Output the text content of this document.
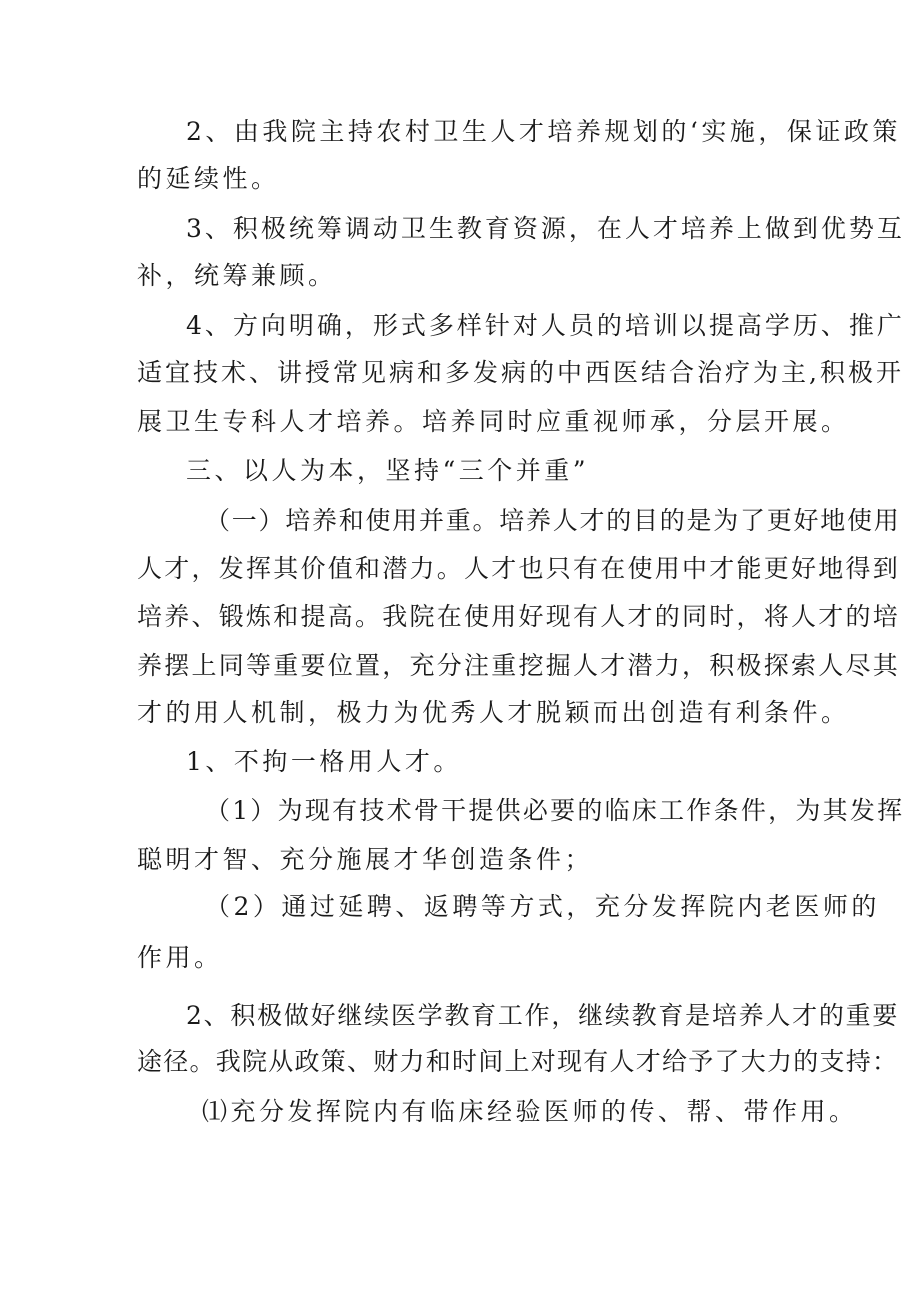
2、由我院主持农村卫生人才培养规划的‘实施，保证政策
的延续性。
3、积极统筹调动卫生教育资源，在人才培养上做到优势互
补，统筹兼顾。
4、方向明确，形式多样针对人员的培训以提高学历、推广
适宜技术、讲授常见病和多发病的中西医结合治疗为主,积极开
展卫生专科人才培养。培养同时应重视师承，分层开展。
三、以人为本，坚持“三个并重”
（一）培养和使用并重。培养人才的目的是为了更好地使用
人才，发挥其价值和潜力。人才也只有在使用中才能更好地得到
培养、锻炼和提高。我院在使用好现有人才的同时，将人才的培
养摆上同等重要位置，充分注重挖掘人才潜力，积极探索人尽其
才的用人机制，极力为优秀人才脱颖而出创造有利条件。
1、不拘一格用人才。
（1）为现有技术骨干提供必要的临床工作条件，为其发挥
聪明才智、充分施展才华创造条件；
（2）通过延聘、返聘等方式，充分发挥院内老医师的
作用。
2、积极做好继续医学教育工作，继续教育是培养人才的重要
途径。我院从政策、财力和时间上对现有人才给予了大力的支持：
⑴充分发挥院内有临床经验医师的传、帮、带作用。
